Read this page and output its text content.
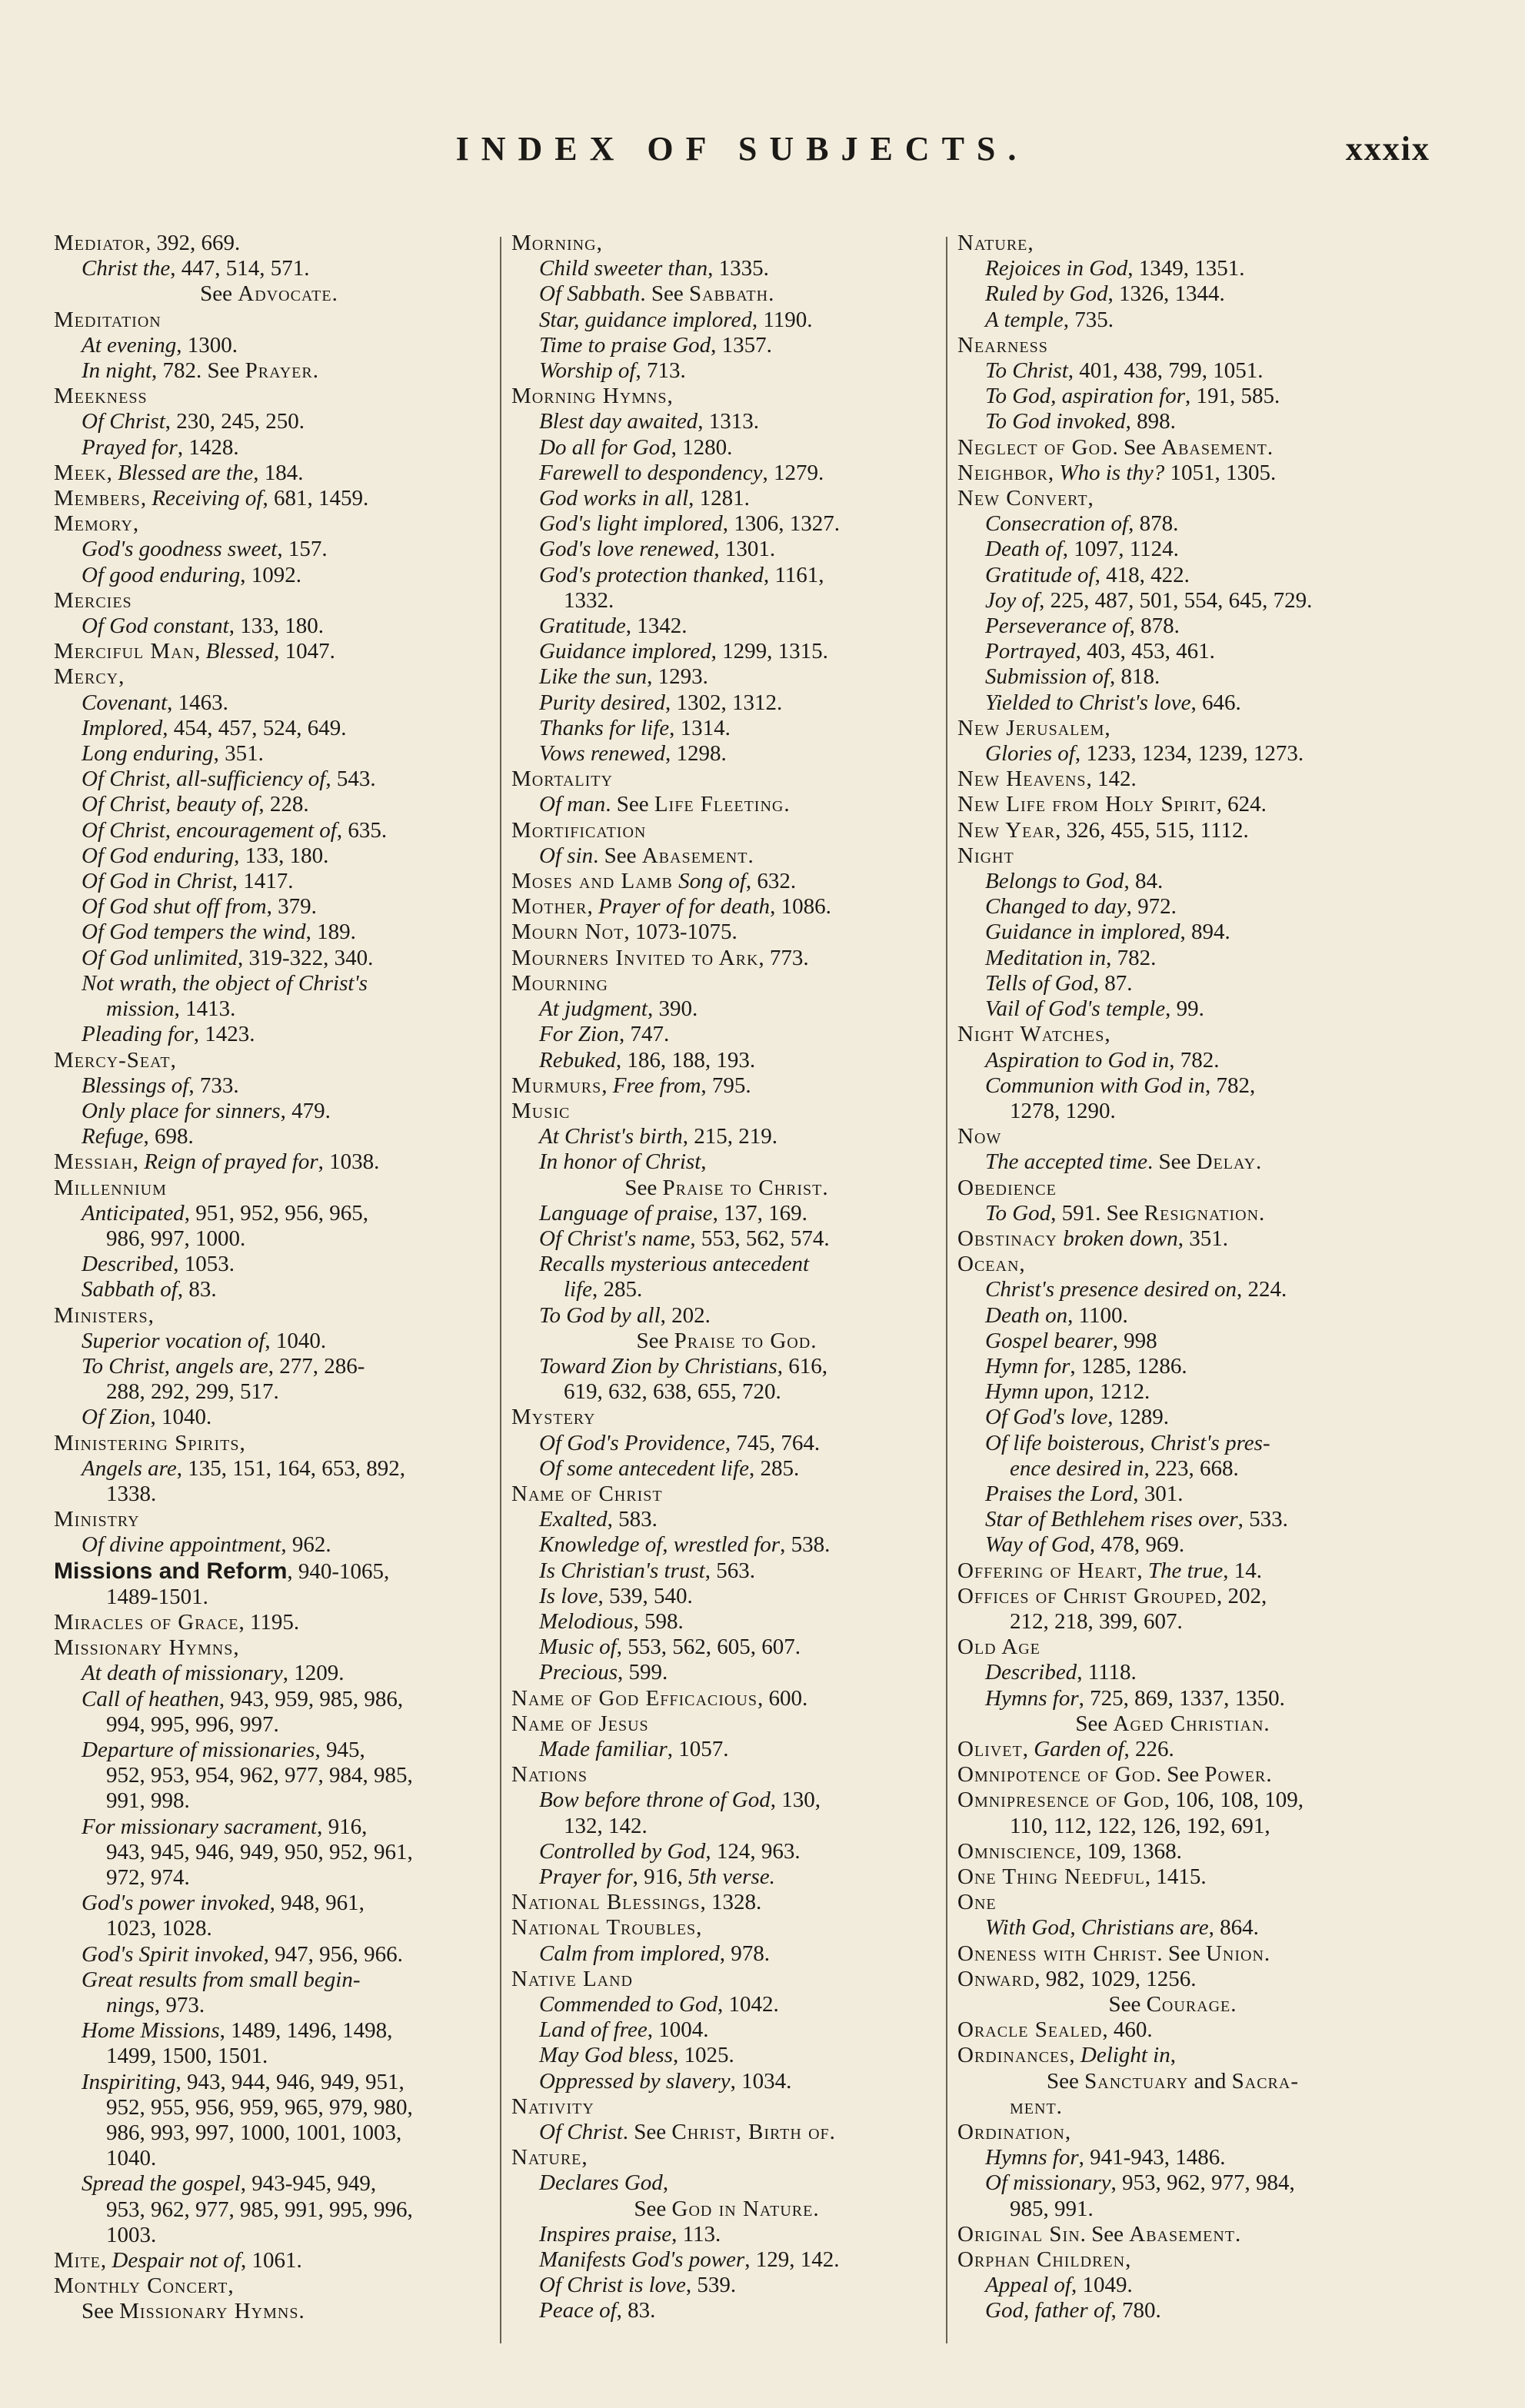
INDEX OF SUBJECTS.	xxxix
Mediator, 392, 669.
Christ the, 447, 514, 571.
See Advocate.
Meditation
At evening, 1300.
In night, 782. See Prayer.
Meekness
Of Christ, 230, 245, 250.
Prayed for, 1428.
Meek, Blessed are the, 184.
Members, Receiving of, 681, 1459.
Memory,
God's goodness sweet, 157.
Of good enduring, 1092.
Mercies
Of God constant, 133, 180.
Merciful Man, Blessed, 1047.
Mercy,
Covenant, 1463.
Implored, 454, 457, 524, 649.
Long enduring, 351.
Of Christ, all-sufficiency of, 543.
Of Christ, beauty of, 228.
Of Christ, encouragement of, 635.
Of God enduring, 133, 180.
Of God in Christ, 1417.
Of God shut off from, 379.
Of God tempers the wind, 189.
Of God unlimited, 319-322, 340.
Not wrath, the object of Christ's
mission, 1413.
Pleading for, 1423.
Mercy-Seat,
Blessings of, 733.
Only place for sinners, 479.
Refuge, 698.
Messiah, Reign of prayed for, 1038.
Millennium
Anticipated, 951, 952, 956, 965,
986, 997, 1000.
Described, 1053.
Sabbath of, 83.
Ministers,
Superior vocation of, 1040.
To Christ, angels are, 277, 286-
288, 292, 299, 517.
Of Zion, 1040.
Ministering Spirits,
Angels are, 135, 151, 164, 653, 892,
1338.
Ministry
Of divine appointment, 962.
Missions and Reform, 940-1065,
1489-1501.
Miracles of Grace, 1195.
Missionary Hymns,
At death of missionary, 1209.
Call of heathen, 943, 959, 985, 986,
994, 995, 996, 997.
Departure of missionaries, 945,
952, 953, 954, 962, 977, 984, 985,
991, 998.
For missionary sacrament, 916,
943, 945, 946, 949, 950, 952, 961,
972, 974.
God's power invoked, 948, 961,
1023, 1028.
God's Spirit invoked, 947, 956, 966.
Great results from small begin-
nings, 973.
Home Missions, 1489, 1496, 1498,
1499, 1500, 1501.
Inspiriting, 943, 944, 946, 949, 951,
952, 955, 956, 959, 965, 979, 980,
986, 993, 997, 1000, 1001, 1003,
1040.
Spread the gospel, 943-945, 949,
953, 962, 977, 985, 991, 995, 996,
1003.
Mite, Despair not of, 1061.
Monthly Concert,
See Missionary Hymns.
Morning,
Child sweeter than, 1335.
Of Sabbath. See Sabbath.
Star, guidance implored, 1190.
Time to praise God, 1357.
Worship of, 713.
Morning Hymns,
Blest day awaited, 1313.
Do all for God, 1280.
Farewell to despondency, 1279.
God works in all, 1281.
God's light implored, 1306, 1327.
God's love renewed, 1301.
God's protection thanked, 1161,
1332.
Gratitude, 1342.
Guidance implored, 1299, 1315.
Like the sun, 1293.
Purity desired, 1302, 1312.
Thanks for life, 1314.
Vows renewed, 1298.
Mortality
Of man. See Life Fleeting.
Mortification
Of sin. See Abasement.
Moses and Lamb Song of, 632.
Mother, Prayer of for death, 1086.
Mourn Not, 1073-1075.
Mourners Invited to Ark, 773.
Mourning
At judgment, 390.
For Zion, 747.
Rebuked, 186, 188, 193.
Murmurs, Free from, 795.
Music
At Christ's birth, 215, 219.
In honor of Christ,
See Praise to Christ.
Language of praise, 137, 169.
Of Christ's name, 553, 562, 574.
Recalls mysterious antecedent
life, 285.
To God by all, 202.
See Praise to God.
Toward Zion by Christians, 616,
619, 632, 638, 655, 720.
Mystery
Of God's Providence, 745, 764.
Of some antecedent life, 285.
Name of Christ
Exalted, 583.
Knowledge of, wrestled for, 538.
Is Christian's trust, 563.
Is love, 539, 540.
Melodious, 598.
Music of, 553, 562, 605, 607.
Precious, 599.
Name of God Efficacious, 600.
Name of Jesus
Made familiar, 1057.
Nations
Bow before throne of God, 130,
132, 142.
Controlled by God, 124, 963.
Prayer for, 916, 5th verse.
National Blessings, 1328.
National Troubles,
Calm from implored, 978.
Native Land
Commended to God, 1042.
Land of free, 1004.
May God bless, 1025.
Oppressed by slavery, 1034.
Nativity
Of Christ. See Christ, Birth of.
Nature,
Declares God,
See God in Nature.
Inspires praise, 113.
Manifests God's power, 129, 142.
Of Christ is love, 539.
Peace of, 83.
Nature,
Rejoices in God, 1349, 1351.
Ruled by God, 1326, 1344.
A temple, 735.
Nearness
To Christ, 401, 438, 799, 1051.
To God, aspiration for, 191, 585.
To God invoked, 898.
Neglect of God. See Abasement.
Neighbor, Who is thy? 1051, 1305.
New Convert,
Consecration of, 878.
Death of, 1097, 1124.
Gratitude of, 418, 422.
Joy of, 225, 487, 501, 554, 645, 729.
Perseverance of, 878.
Portrayed, 403, 453, 461.
Submission of, 818.
Yielded to Christ's love, 646.
New Jerusalem,
Glories of, 1233, 1234, 1239, 1273.
New Heavens, 142.
New Life from Holy Spirit, 624.
New Year, 326, 455, 515, 1112.
Night
Belongs to God, 84.
Changed to day, 972.
Guidance in implored, 894.
Meditation in, 782.
Tells of God, 87.
Vail of God's temple, 99.
Night Watches,
Aspiration to God in, 782.
Communion with God in, 782,
1278, 1290.
Now
The accepted time. See Delay.
Obedience
To God, 591. See Resignation.
Obstinacy broken down, 351.
Ocean,
Christ's presence desired on, 224.
Death on, 1100.
Gospel bearer, 998
Hymn for, 1285, 1286.
Hymn upon, 1212.
Of God's love, 1289.
Of life boisterous, Christ's pres-
ence desired in, 223, 668.
Praises the Lord, 301.
Star of Bethlehem rises over, 533.
Way of God, 478, 969.
Offering of Heart, The true, 14.
Offices of Christ Grouped, 202,
212, 218, 399, 607.
Old Age
Described, 1118.
Hymns for, 725, 869, 1337, 1350.
See Aged Christian.
Olivet, Garden of, 226.
Omnipotence of God. See Power.
Omnipresence of God, 106, 108, 109,
110, 112, 122, 126, 192, 691,
Omniscience, 109, 1368.
One Thing Needful, 1415.
One
With God, Christians are, 864.
Oneness with Christ. See Union.
Onward, 982, 1029, 1256.
See Courage.
Oracle Sealed, 460.
Ordinances, Delight in,
See Sanctuary and Sacra-
ment.
Ordination,
Hymns for, 941-943, 1486.
Of missionary, 953, 962, 977, 984,
985, 991.
Original Sin. See Abasement.
Orphan Children,
Appeal of, 1049.
God, father of, 780.
